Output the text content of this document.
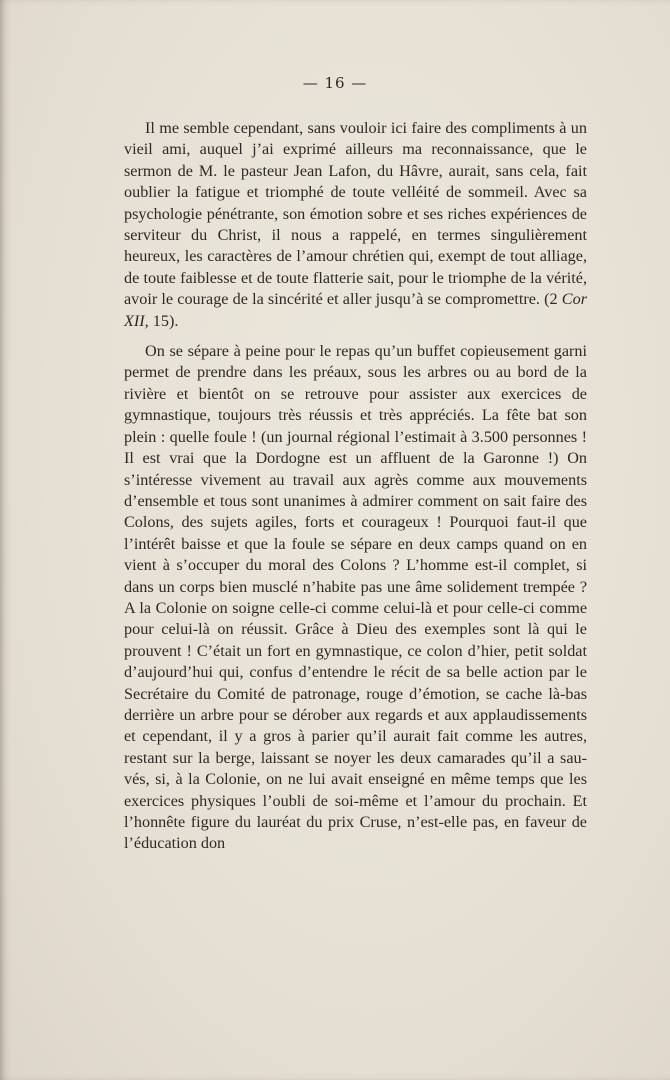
— 16 —

Il me semble cependant, sans vouloir ici faire des compliments à un vieil ami, auquel j’ai exprimé ailleurs ma reconnaissance, que le sermon de M. le pasteur Jean Lafon, du Hâvre, aurait, sans cela, fait oublier la fatigue et triomphé de toute velléité de sommeil. Avec sa psychologie pénétrante, son émotion sobre et ses riches expériences de serviteur du Christ, il nous a rappelé, en termes singulièrement heureux, les caractères de l’amour chrétien qui, exempt de tout alliage, de toute faiblesse et de toute flatterie sait, pour le triomphe de la vérité, avoir le courage de la sincérité et aller jusqu’à se compromettre. (2 Cor XII, 15).

On se sépare à peine pour le repas qu’un buffet copieusement garni permet de prendre dans les préaux, sous les arbres ou au bord de la rivière et bientôt on se retrouve pour assister aux exercices de gymnastique, toujours très réussis et très appréciés. La fête bat son plein : quelle foule ! (un journal régional l’estimait à 3.500 personnes ! Il est vrai que la Dordogne est un affluent de la Garonne !) On s’intéresse vivement au travail aux agrès comme aux mouvements d’ensemble et tous sont unanimes à admirer comment on sait faire des Colons, des sujets agiles, forts et courageux ! Pourquoi faut-il que l’intérêt baisse et que la foule se sépare en deux camps quand on en vient à s’occuper du moral des Colons ? L’homme est-il complet, si dans un corps bien musclé n’habite pas une âme solidement trempée ? A la Colonie on soigne celle-ci comme celui-là et pour celle-ci comme pour celui-là on réussit. Grâce à Dieu des exemples sont là qui le prouvent ! C’était un fort en gymnastique, ce colon d’hier, petit soldat d’aujourd’hui qui, confus d’entendre le récit de sa belle action par le Secrétaire du Comité de patronage, rouge d’émotion, se cache là-bas derrière un arbre pour se dérober aux regards et aux applaudissements et cependant, il y a gros à parier qu’il aurait fait comme les autres, restant sur la berge, laissant se noyer les deux camarades qu’il a sauvés, si, à la Colonie, on ne lui avait enseigné en même temps que les exercices physiques l’oubli de soi-même et l’amour du prochain. Et l’honnête figure du lauréat du prix Cruse, n’est-elle pas, en faveur de l’éducation don
